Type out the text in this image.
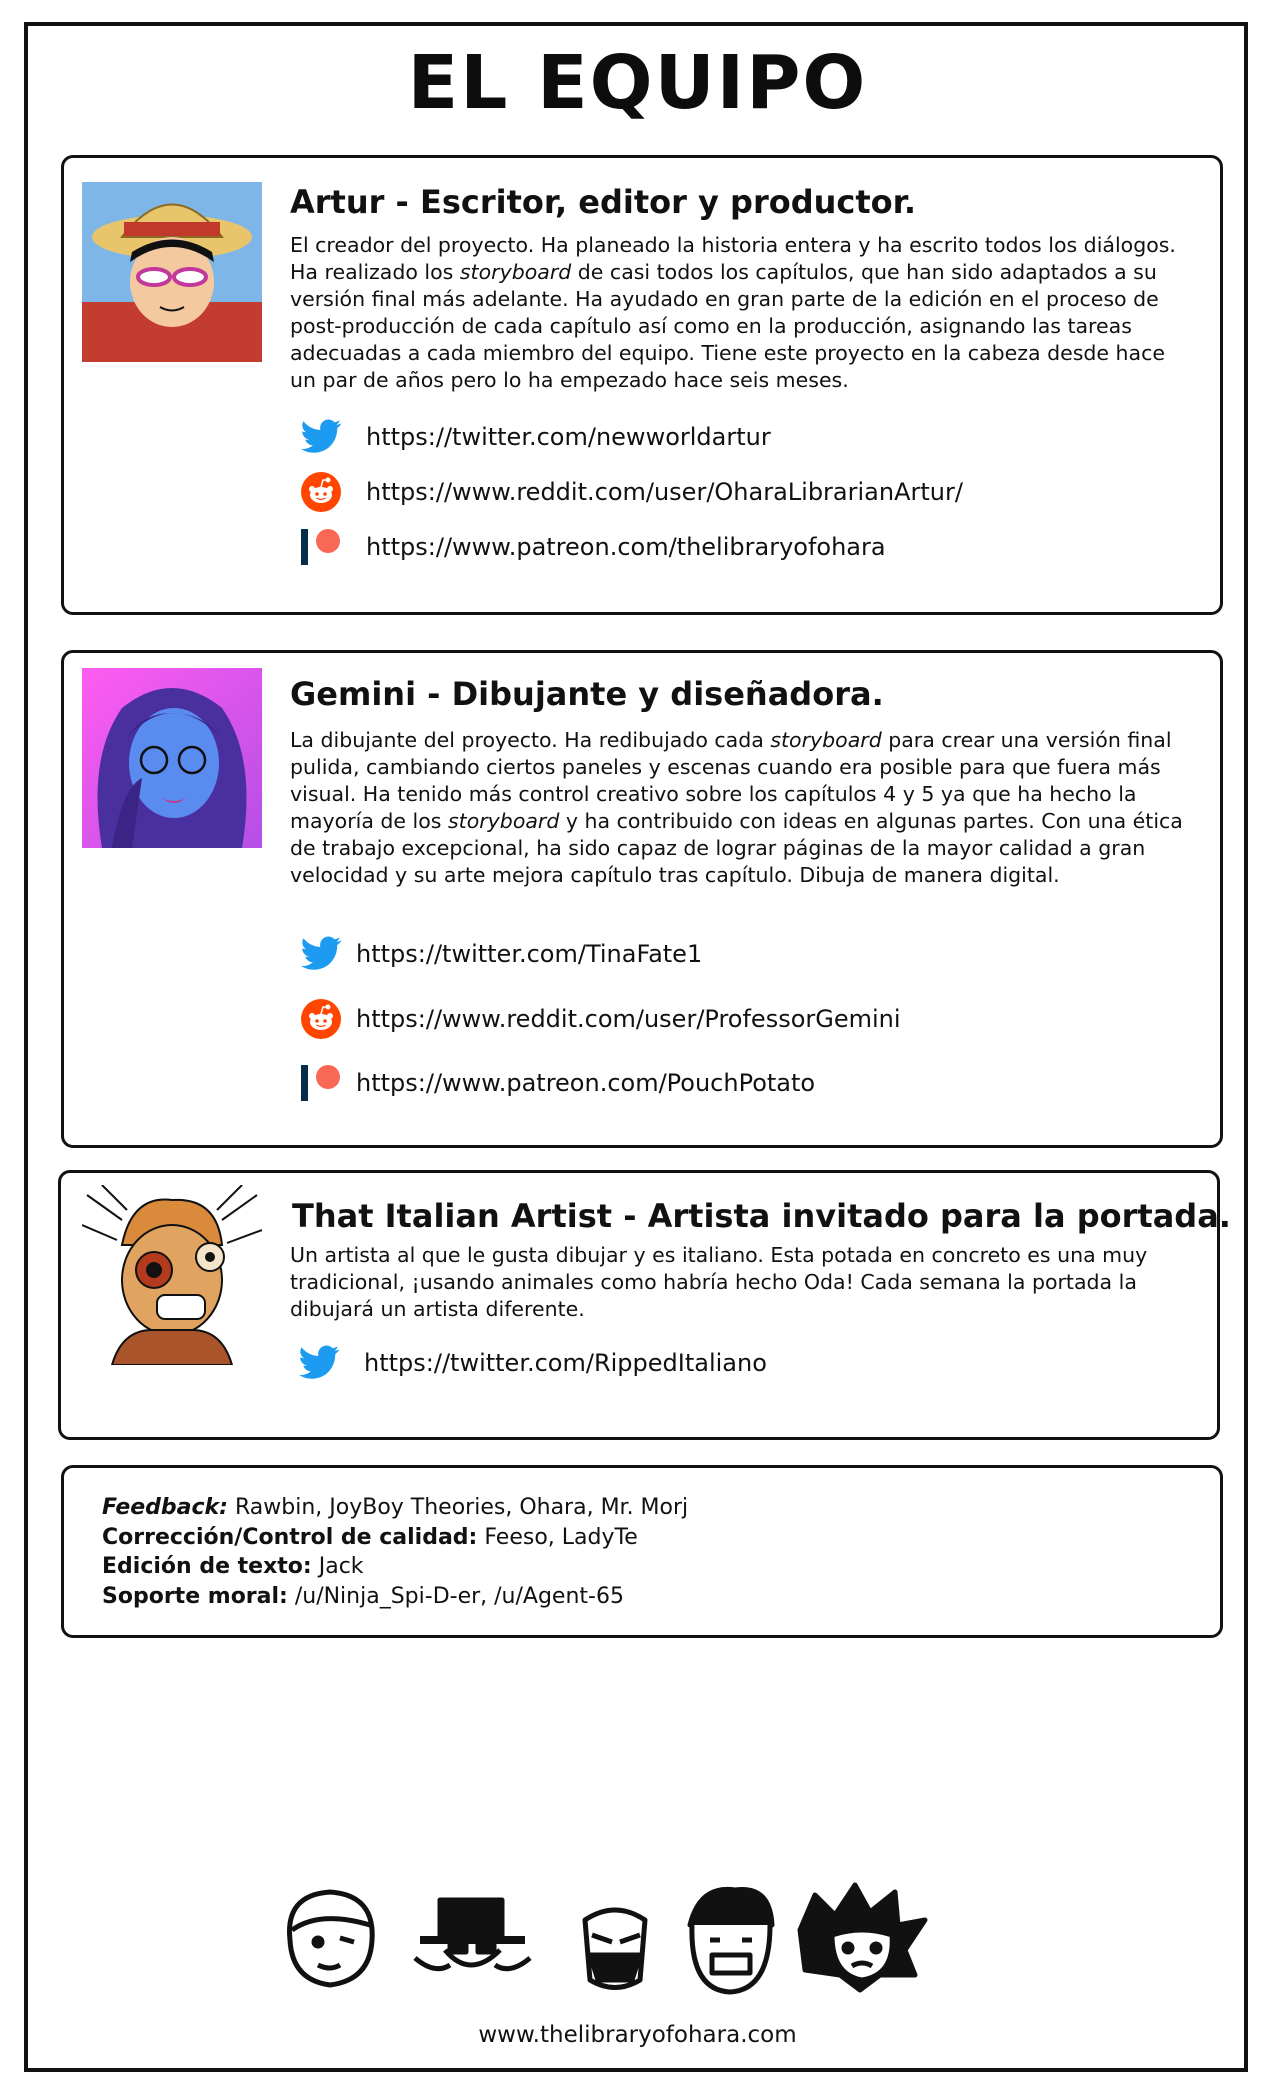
EL EQUIPO
Artur - Escritor, editor y productor.
El creador del proyecto. Ha planeado la historia entera y ha escrito todos los diálogos. Ha realizado los storyboard de casi todos los capítulos, que han sido adaptados a su versión final más adelante. Ha ayudado en gran parte de la edición en el proceso de post-producción de cada capítulo así como en la producción, asignando las tareas adecuadas a cada miembro del equipo. Tiene este proyecto en la cabeza desde hace un par de años pero lo ha empezado hace seis meses.
https://twitter.com/newworldartur
https://www.reddit.com/user/OharaLibrarianArtur/
https://www.patreon.com/thelibraryofohara
Gemini - Dibujante y diseñadora.
La dibujante del proyecto. Ha redibujado cada storyboard para crear una versión final pulida, cambiando ciertos paneles y escenas cuando era posible para que fuera más visual. Ha tenido más control creativo sobre los capítulos 4 y 5 ya que ha hecho la mayoría de los storyboard y ha contribuido con ideas en algunas partes. Con una ética de trabajo excepcional, ha sido capaz de lograr páginas de la mayor calidad a gran velocidad y su arte mejora capítulo tras capítulo. Dibuja de manera digital.
https://twitter.com/TinaFate1
https://www.reddit.com/user/ProfessorGemini
https://www.patreon.com/PouchPotato
That Italian Artist - Artista invitado para la portada.
Un artista al que le gusta dibujar y es italiano. Esta potada en concreto es una muy tradicional, ¡usando animales como habría hecho Oda! Cada semana la portada la dibujará un artista diferente.
https://twitter.com/RippedItaliano
Feedback: Rawbin, JoyBoy Theories, Ohara, Mr. Morj
Corrección/Control de calidad: Feeso, LadyTe
Edición de texto: Jack
Soporte moral: /u/Ninja_Spi-D-er, /u/Agent-65
www.thelibraryofohara.com
